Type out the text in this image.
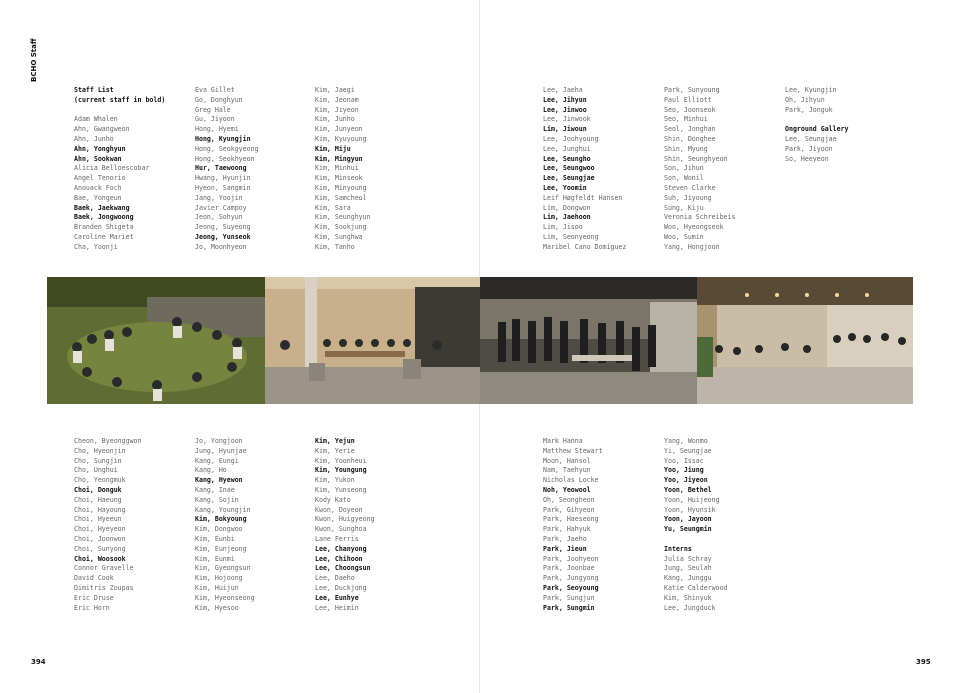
BCHO Staff
Staff List
(current staff in bold)
Adam Whalen
Ahn, Gwangweon
Ahn, Junho
Ahn, Yonghyun
Ahn, Sookwan
Alicia Belloescobar
Angel Tenorio
Anouack Foch
Bae, Yongeun
Baek, Jaekwang
Baek, Jongwoong
Branden Shigeta
Caroline Mariet
Cha, Yoonji
Eva Gillet
Go, Donghyun
Greg Hale
Gu, Jiyoon
Hong, Hyemi
Hong, Kyungjin
Hong, Seokgyeong
Hong, Seokhyeon
Hur, Taewoong
Hwang, Hyunjin
Hyeon, Sangmin
Jang, Yoojin
Javier Campoy
Jeon, Sohyun
Jeong, Suyeong
Jeong, Yunseok
Jo, Moonhyeon
Kim, Jaegi
Kim, Jeonam
Kim, Jiyeon
Kim, Junho
Kim, Junyeon
Kim, Kyuyoung
Kim, Miju
Kim, Mingyun
Kim, Minhui
Kim, Minseok
Kim, Minyoung
Kim, Samcheol
Kim, Sara
Kim, Seunghyun
Kim, Sookjung
Kim, Sunghwa
Kim, Tanho
Lee, Jaeha
Lee, Jihyun
Lee, Jinwoo
Lee, Jinwook
Lim, Jiwoun
Lee, Joohyoung
Lee, Junghui
Lee, Seungho
Lee, Seungwoo
Lee, Seungjae
Lee, Yoomin
Leif Høgfeldt Hansen
Lim, Dongwon
Lim, Jaehoon
Lim, Jisoo
Lim, Seonyeong
Maribel Cano Domíguez
Park, Sunyoung
Paul Elliott
Seo, Joonseok
Seo, Minhui
Seol, Jonghan
Shin, Donghee
Shin, Myung
Shin, Seunghyeon
Son, Jihun
Son, Wonil
Steven Clarke
Suh, Jiyoung
Sung, Kiju
Veronia Schreibeis
Woo, Hyeongseok
Woo, Sumin
Yang, Hongjoon
Lee, Kyungjin
Oh, Jihyun
Park, Jonguk
Onground Gallery
Lee, Seungjae
Park, Jiyoon
So, Heeyeon
Cheon, Byeonggwon
Cho, Hyeonjin
Cho, Sungjin
Cho, Unghui
Cho, Yeongmuk
Choi, Donguk
Choi, Haeung
Choi, Hayoung
Choi, Hyeeun
Choi, Hyeyeon
Choi, Joonwon
Choi, Sunyong
Choi, Woosook
Connor Gravelle
David Cook
Dimitris Zoupas
Eric Druse
Eric Horn
Jo, Yongjoon
Jung, Hyunjae
Kang, Eungi
Kang, Ho
Kang, Hyewon
Kang, Inae
Kang, Sojin
Kang, Youngjin
Kim, Bokyoung
Kim, Dongwoo
Kim, Eunbi
Kim, Eunjeong
Kim, Eunmi
Kim, Gyeongsun
Kim, Hojoong
Kim, Huijun
Kim, Hyeonseong
Kim, Hyesoo
Kim, Yejun
Kim, Yerie
Kim, Yoonheui
Kim, Youngung
Kim, Yukon
Kim, Yunseong
Kody Kato
Kwon, Doyeon
Kwon, Huigyeong
Kwon, Sunghoa
Lane Ferris
Lee, Chanyong
Lee, Chihoon
Lee, Choongsun
Lee, Daeho
Lee, Duckjong
Lee, Eunhye
Lee, Heimin
Mark Hanna
Matthew Stewart
Moon, Hansol
Nam, Taehyun
Nicholas Locke
Noh, Yeowool
Oh, Seongheon
Park, Gihyeon
Park, Haeseong
Park, Hahyuk
Park, Jaeho
Park, Jieun
Park, Joohyeon
Park, Joonbae
Park, Jungyong
Park, Seoyoung
Park, Sungjun
Park, Sungmin
Yang, Wonmo
Yi, Seungjae
Yoo, Issac
Yoo, Jiung
Yoo, Jiyeon
Yoon, Bethel
Yoon, Huijeong
Yoon, Hyunsik
Yoon, Jayoon
Yu, Seungmin
Interns
Julia Schray
Jung, Seulah
Kang, Junggu
Katie Calderwood
Kim, Shinyuk
Lee, Jungduck
394	395
